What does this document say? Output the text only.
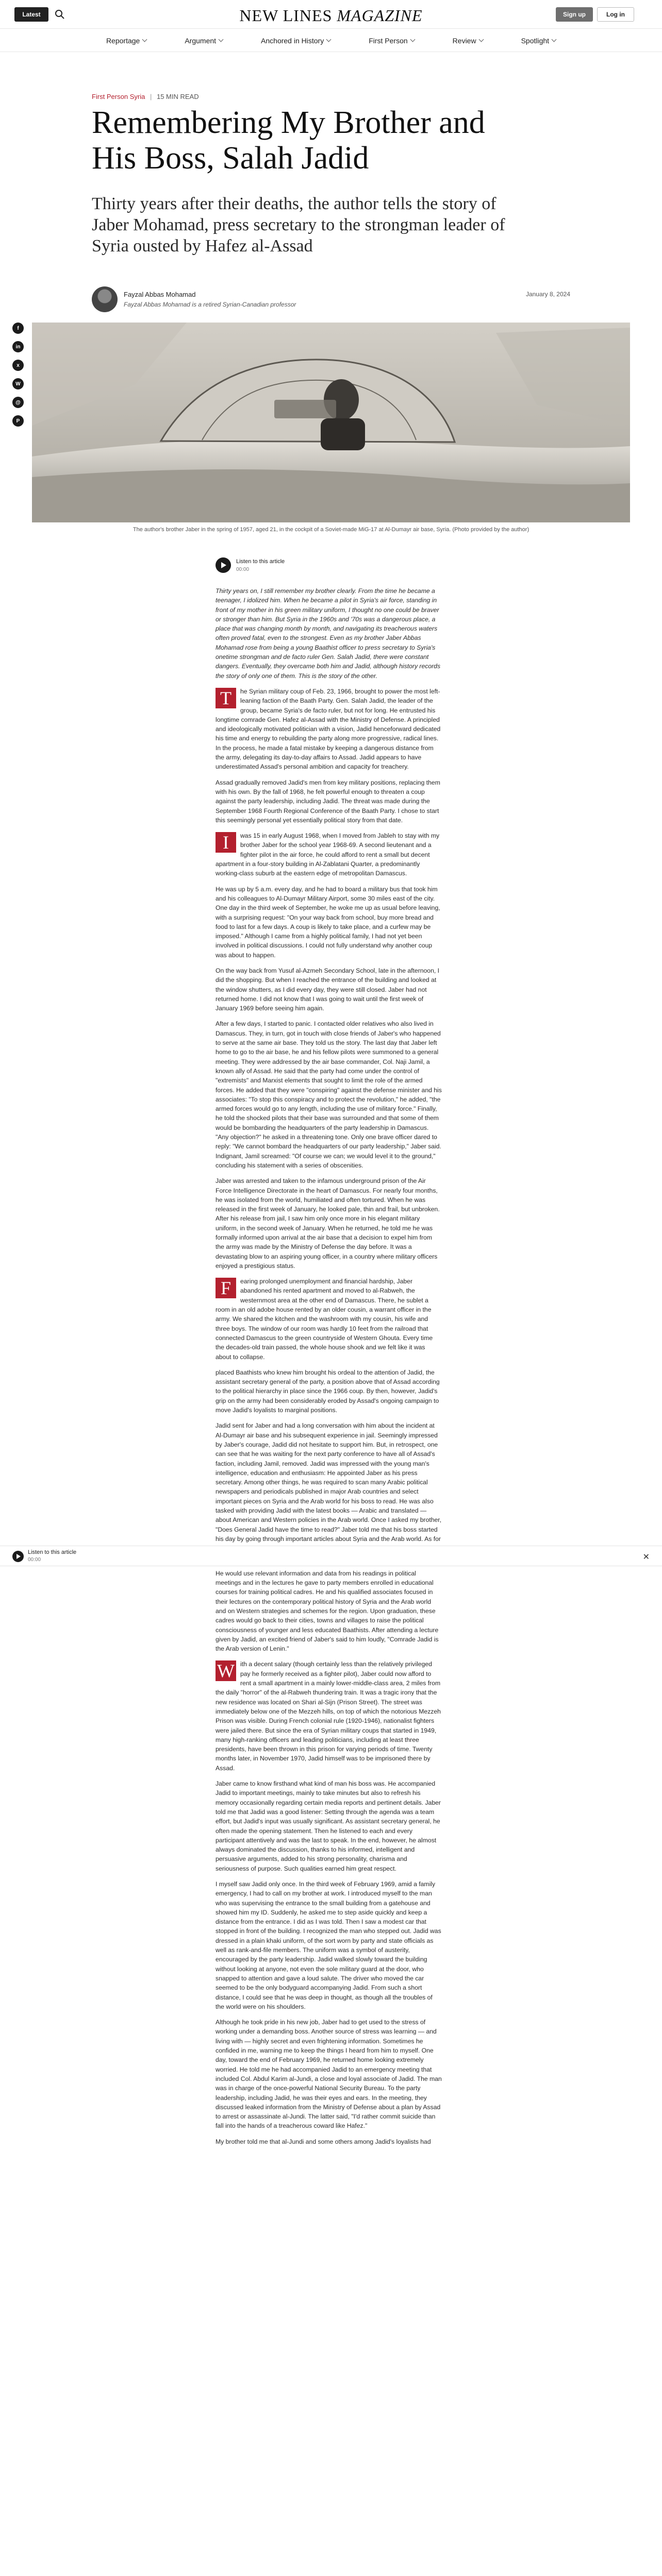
Latest	NEW LINES MAGAZINE	Sign up	Log in
Reportage	Argument	Anchored in History	First Person	Review	Spotlight
First Person Syria | 15 MIN READ
Remembering My Brother and His Boss, Salah Jadid
Thirty years after their deaths, the author tells the story of Jaber Mohamad, press secretary to the strongman leader of Syria ousted by Hafez al-Assad
Fayzal Abbas Mohamad
Fayzal Abbas Mohamad is a retired Syrian-Canadian professor
January 8, 2024
f
in
x
W
@
P
The author's brother Jaber in the spring of 1957, aged 21, in the cockpit of a Soviet-made MiG-17 at Al-Dumayr air base, Syria. (Photo provided by the author)
Listen to this article
00:00

Thirty years on, I still remember my brother clearly. From the time he became a teenager, I idolized him. When he became a pilot in Syria's air force, standing in front of my mother in his green military uniform, I thought no one could be braver or stronger than him. But Syria in the 1960s and '70s was a dangerous place, a place that was changing month by month, and navigating its treacherous waters often proved fatal, even to the strongest. Even as my brother Jaber Abbas Mohamad rose from being a young Baathist officer to press secretary to Syria's onetime strongman and de facto ruler Gen. Salah Jadid, there were constant dangers. Eventually, they overcame both him and Jadid, although history records the story of only one of them. This is the story of the other.

T	he Syrian military coup of Feb. 23, 1966, brought to power the most left-leaning faction of the Baath Party. Gen. Salah Jadid, the leader of the group, became Syria's de facto ruler, but not for long. He entrusted his longtime comrade Gen. Hafez al-Assad with the Ministry of Defense. A principled and ideologically motivated politician with a vision, Jadid henceforward dedicated his time and energy to rebuilding the party along more progressive, radical lines. In the process, he made a fatal mistake by keeping a dangerous distance from the army, delegating its day-to-day affairs to Assad. Jadid appears to have underestimated Assad's personal ambition and capacity for treachery.

Assad gradually removed Jadid's men from key military positions, replacing them with his own. By the fall of 1968, he felt powerful enough to threaten a coup against the party leadership, including Jadid. The threat was made during the September 1968 Fourth Regional Conference of the Baath Party. I chose to start this seemingly personal yet essentially political story from that date.

I	was 15 in early August 1968, when I moved from Jableh to stay with my brother Jaber for the school year 1968-69. A second lieutenant and a fighter pilot in the air force, he could afford to rent a small but decent apartment in a four-story building in Al-Zablatani Quarter, a predominantly working-class suburb at the eastern edge of metropolitan Damascus.

He was up by 5 a.m. every day, and he had to board a military bus that took him and his colleagues to Al-Dumayr Military Airport, some 30 miles east of the city. One day in the third week of September, he woke me up as usual before leaving, with a surprising request: "On your way back from school, buy more bread and food to last for a few days. A coup is likely to take place, and a curfew may be imposed." Although I came from a highly political family, I had not yet been involved in political discussions. I could not fully understand why another coup was about to happen.

On the way back from Yusuf al-Azmeh Secondary School, late in the afternoon, I did the shopping. But when I reached the entrance of the building and looked at the window shutters, as I did every day, they were still closed. Jaber had not returned home. I did not know that I was going to wait until the first week of January 1969 before seeing him again.

After a few days, I started to panic. I contacted older relatives who also lived in Damascus. They, in turn, got in touch with close friends of Jaber's who happened to serve at the same air base. They told us the story. The last day that Jaber left home to go to the air base, he and his fellow pilots were summoned to a general meeting. They were addressed by the air base commander, Col. Naji Jamil, a known ally of Assad. He said that the party had come under the control of "extremists" and Marxist elements that sought to limit the role of the armed forces. He added that they were "conspiring" against the defense minister and his associates: "To stop this conspiracy and to protect the revolution," he added, "the armed forces would go to any length, including the use of military force." Finally, he told the shocked pilots that their base was surrounded and that some of them would be bombarding the headquarters of the party leadership in Damascus. "Any objection?" he asked in a threatening tone. Only one brave officer dared to reply: "We cannot bombard the headquarters of our party leadership," Jaber said. Indignant, Jamil screamed: "Of course we can; we would level it to the ground," concluding his statement with a series of obscenities.

Jaber was arrested and taken to the infamous underground prison of the Air Force Intelligence Directorate in the heart of Damascus. For nearly four months, he was isolated from the world, humiliated and often tortured. When he was released in the first week of January, he looked pale, thin and frail, but unbroken. After his release from jail, I saw him only once more in his elegant military uniform, in the second week of January. When he returned, he told me he was formally informed upon arrival at the air base that a decision to expel him from the army was made by the Ministry of Defense the day before. It was a devastating blow to an aspiring young officer, in a country where military officers enjoyed a prestigious status.

F	earing prolonged unemployment and financial hardship, Jaber abandoned his rented apartment and moved to al-Rabweh, the westernmost area at the other end of Damascus. There, he sublet a room in an old adobe house rented by an older cousin, a warrant officer in the army. We shared the kitchen and the washroom with my cousin, his wife and three boys. The window of our room was hardly 10 feet from the railroad that connected Damascus to the green countryside of Western Ghouta. Every time the decades-old train passed, the whole house shook and we felt like it was about to collapse.

placed Baathists who knew him brought his ordeal to the attention of Jadid, the assistant secretary general of the party, a position above that of Assad according to the political hierarchy in place since the 1966 coup. By then, however, Jadid's grip on the army had been considerably eroded by Assad's ongoing campaign to move Jadid's loyalists to marginal positions.

Jadid sent for Jaber and had a long conversation with him about the incident at Al-Dumayr air base and his subsequent experience in jail. Seemingly impressed by Jaber's courage, Jadid did not hesitate to support him. But, in retrospect, one can see that he was waiting for the next party conference to have all of Assad's faction, including Jamil, removed. Jadid was impressed with the young man's intelligence, education and enthusiasm: He appointed Jaber as his press secretary. Among other things, he was required to scan many Arabic political newspapers and periodicals published in major Arab countries and select important pieces on Syria and the Arab world for his boss to read. He was also tasked with providing Jadid with the latest books — Arabic and translated — about American and Western policies in the Arab world. Once I asked my brother, "Does General Jadid have the time to read?" Jaber told me that his boss started his day by going through important articles about Syria and the Arab world. As for

He would use relevant information and data from his readings in political meetings and in the lectures he gave to party members enrolled in educational courses for training political cadres. He and his qualified associates focused in their lectures on the contemporary political history of Syria and the Arab world and on Western strategies and schemes for the region. Upon graduation, these cadres would go back to their cities, towns and villages to raise the political consciousness of younger and less educated Baathists. After attending a lecture given by Jadid, an excited friend of Jaber's said to him loudly, "Comrade Jadid is the Arab version of Lenin."

W ith a decent salary (though certainly less than the relatively privileged pay he formerly received as a fighter pilot), Jaber could now afford to rent a small apartment in a mainly lower-middle-class area, 2 miles from the daily "horror" of the al-Rabweh thundering train. It was a tragic irony that the new residence was located on Shari al-Sijn (Prison Street). The street was immediately below one of the Mezzeh hills, on top of which the notorious Mezzeh Prison was visible. During French colonial rule (1920-1946), nationalist fighters were jailed there. But since the era of Syrian military coups that started in 1949, many high-ranking officers and leading politicians, including at least three presidents, have been thrown in this prison for varying periods of time. Twenty months later, in November 1970, Jadid himself was to be imprisoned there by Assad.

Jaber came to know firsthand what kind of man his boss was. He accompanied Jadid to important meetings, mainly to take minutes but also to refresh his memory occasionally regarding certain media reports and pertinent details. Jaber told me that Jadid was a good listener: Setting through the agenda was a team effort, but Jadid's input was usually significant. As assistant secretary general, he often made the opening statement. Then he listened to each and every participant attentively and was the last to speak. In the end, however, he almost always dominated the discussion, thanks to his informed, intelligent and persuasive arguments, added to his strong personality, charisma and seriousness of purpose. Such qualities earned him great respect.

I myself saw Jadid only once. In the third week of February 1969, amid a family emergency, I had to call on my brother at work. I introduced myself to the man who was supervising the entrance to the small building from a gatehouse and showed him my ID. Suddenly, he asked me to step aside quickly and keep a distance from the entrance. I did as I was told. Then I saw a modest car that stopped in front of the building. I recognized the man who stepped out. Jadid was dressed in a plain khaki uniform, of the sort worn by party and state officials as well as rank-and-file members. The uniform was a symbol of austerity, encouraged by the party leadership. Jadid walked slowly toward the building without looking at anyone, not even the sole military guard at the door, who snapped to attention and gave a loud salute. The driver who moved the car seemed to be the only bodyguard accompanying Jadid. From such a short distance, I could see that he was deep in thought, as though all the troubles of the world were on his shoulders.

Although he took pride in his new job, Jaber had to get used to the stress of working under a demanding boss. Another source of stress was learning — and living with — highly secret and even frightening information. Sometimes he confided in me, warning me to keep the things I heard from him to myself. One day, toward the end of February 1969, he returned home looking extremely worried. He told me he had accompanied Jadid to an emergency meeting that included Col. Abdul Karim al-Jundi, a close and loyal associate of Jadid. The man was in charge of the once-powerful National Security Bureau. To the party leadership, including Jadid, he was their eyes and ears. In the meeting, they discussed leaked information from the Ministry of Defense about a plan by Assad to arrest or assassinate al-Jundi. The latter said, "I'd rather commit suicide than fall into the hands of a treacherous coward like Hafez."

My brother told me that al-Jundi and some others among Jadid's loyalists had

Listen to this article
00:00	✕
